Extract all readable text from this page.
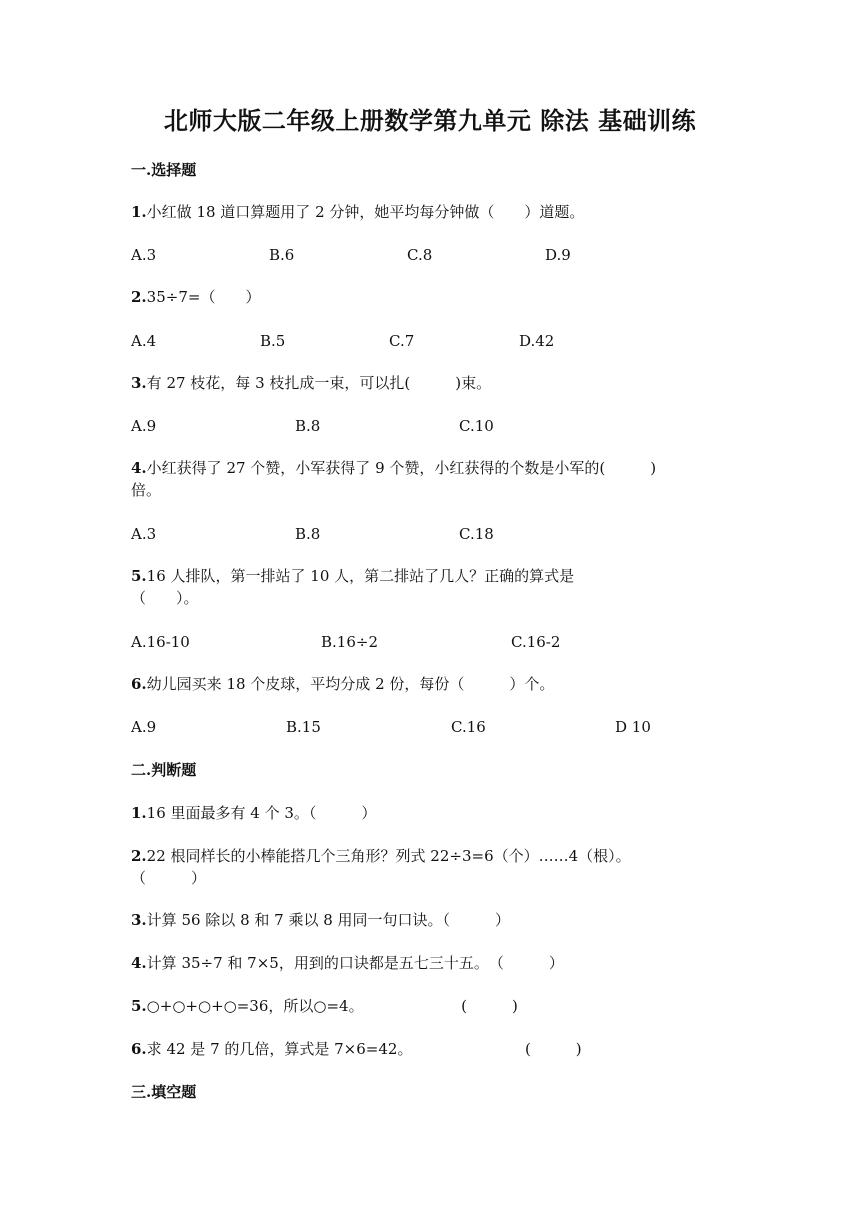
北师大版二年级上册数学第九单元 除法 基础训练
一.选择题
1.小红做 18 道口算题用了 2 分钟，她平均每分钟做（　　）道题。
A.3	B.6	C.8	D.9
2.35÷7=（　　）
A.4	B.5	C.7	D.42
3.有 27 枝花，每 3 枝扎成一束，可以扎(　　　)束。
A.9	B.8	C.10
4.小红获得了 27 个赞，小军获得了 9 个赞，小红获得的个数是小军的(　　　)
倍。
A.3	B.8	C.18
5.16 人排队，第一排站了 10 人，第二排站了几人？正确的算式是
（　　）。
A.16-10	B.16÷2	C.16-2
6.幼儿园买来 18 个皮球，平均分成 2 份，每份（　　　）个。
A.9	B.15	C.16	D 10
二.判断题
1.16 里面最多有 4 个 3。（　　　）
2.22 根同样长的小棒能搭几个三角形？列式 22÷3=6（个）……4（根）。
（　　　）
3.计算 56 除以 8 和 7 乘以 8 用同一句口诀。（　　　）
4.计算 35÷7 和 7×5，用到的口诀都是五七三十五。　（　　　）
5.○+○+○+○=36，所以○=4。　　　　　　　(　　　)
6.求 42 是 7 的几倍，算式是 7×6=42。　　　　　　　　(　　　)
三.填空题
